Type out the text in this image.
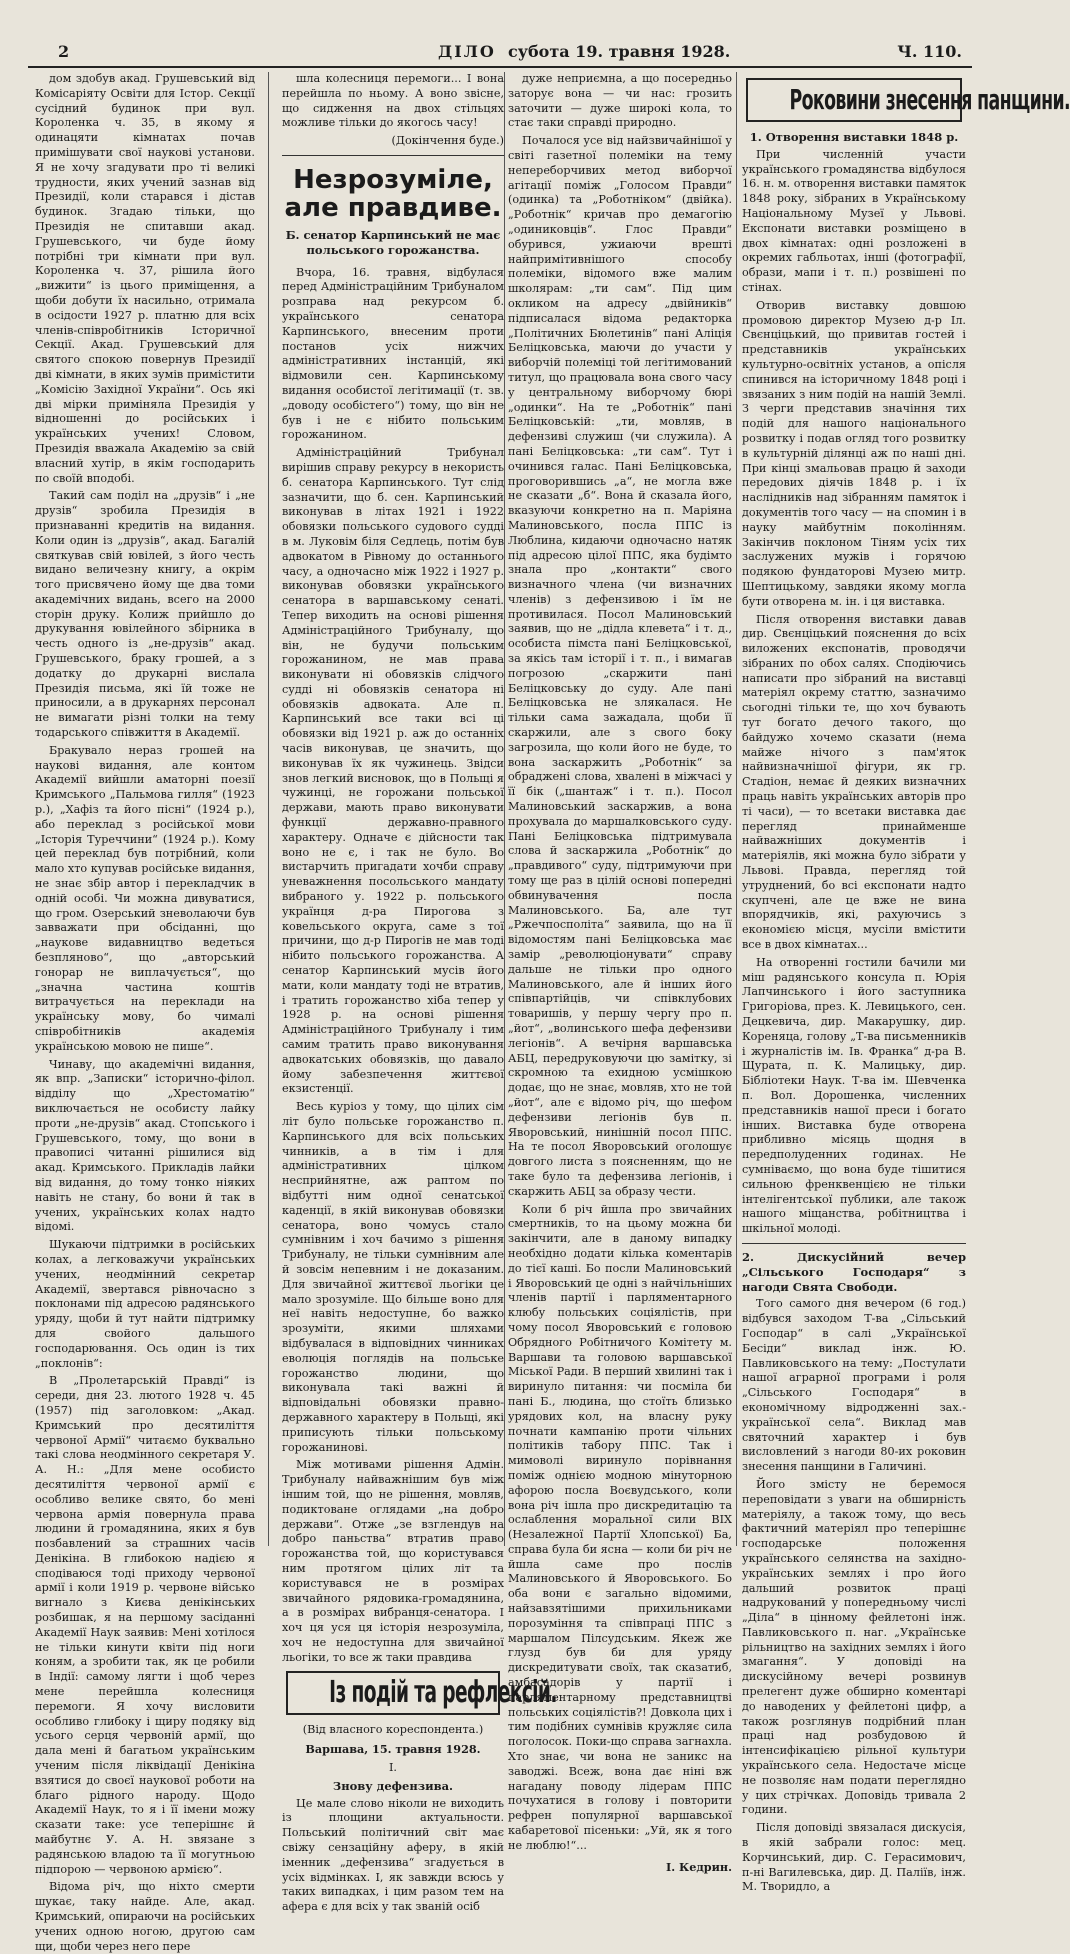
2	ДІЛО субота 19. травня 1928.	Ч. 110.

дом здобув акад. Грушевський від Комісаріяту Освіти для Істор. Секції сусідний будинок при вул. Короленка ч. 35, в якому я одинацяти кімнатах почав примішувати свої наукові установи. Я не хочу згадувати про ті великі трудности, яких учений зазнав від Президії, коли старався і дістав будинок. Згадаю тільки, що Президія не спитавши акад. Грушевського, чи буде йому потрібні три кімнати при вул. Короленка ч. 37, рішила його „вижити“ із цього приміщення, а щоби добути їх насильно, отримала в осідости 1927 р. платню для всіх членів-співробітників Історичної Секції. Акад. Грушевський для святого спокою повернув Президії дві кімнати, в яких зумів примістити „Комісію Західної України“. Ось які дві мірки приміняла Президія у відношенні до російських і українських учених! Словом, Президія вважала Академію за свій власний хутір, в якім господарить по своїй вподобі.

Такий сам поділ на „друзів“ і „не друзів“ зробила Президія в признаванні кредитів на видання. Коли один із „друзів“, акад. Багалій святкував свій ювілей, з його честь видано величезну книгу, а окрім того присвячено йому ще два томи академічних видань, всего на 2000 сторін друку. Колиж прийшло до друкування ювілейного збірника в честь одного із „не-друзів“ акад. Грушевського, браку грошей, а з додатку до друкарні вислала Президія письма, які їй тоже не приносили, а в друкарнях персонал не вимагати різні толки на тему тодарського співжиття в Академії.

Бракувало нераз грошей на наукові видання, але контом Академії вийшли аматорні поезії Кримського „Пальмова гилля“ (1923 р.), „Хафіз та його пісні“ (1924 р.), або переклад з російської мови „Історія Туреччини“ (1924 р.). Кому цей переклад був потрібний, коли мало хто купував російське видання, не знає збір автор і перекладчик в одній особі. Чи можна дивуватися, що гром. Озерський зневолаючи був завважати при обсіданні, що „наукове видавництво ведеться безпляново“, що „авторський гонорар не виплачується“, що „значна частина коштів витрачується на переклади на українську мову, бо чималі співробітників академія українською мовою не пише“.

Чинаву, що академічні видання, як впр. „Записки“ історично-філол. відділу що „Хрестоматію“ виключається не особисту лайку проти „не-друзів“ акад. Стопського і Грушевського, тому, що вони в правописі читанні рішилися від акад. Кримського. Прикладів лайки від видання, до тому тонко ніяких навіть не стану, бо вони й так в учених, українських колах надто відомі.

Шукаючи підтримки в російських колах, а легковажучи українських учених, неодмінний секретар Академії, звертався рівночасно з поклонами під адресою радянського уряду, щоби й тут найти підтримку для свойого дальшого господарювання. Ось один із тих „поклонів“:

В „Пролетарській Правді“ із середи, дня 23. лютого 1928 ч. 45 (1957) під заголовком: „Акад. Кримський про десятиліття червоної Армії“ читаємо буквально такі слова неодмінного секретаря У. А. Н.: „Для мене особисто десятиліття червоної армії є особливо велике свято, бо мені червона армія повернула права людини й громадянина, яких я був позбавлений за страшних часів Денікіна. В глибокою надією я сподіваюся тоді приходу червоної армії і коли 1919 р. червоне військо вигнало з Києва денікінських розбишак, я на першому засіданні Академії Наук заявив: Мені хотілося не тільки кинути квіти під ноги коням, а зробити так, як це робили в Індії: самому лягти і щоб через мене перейшла колесниця перемоги. Я хочу висловити особливо глибоку і щиру подяку від усього серця червоній армії, що дала мені й багатьом українським ученим після ліквідації Денікіна взятися до своєї наукової роботи на благо рідного народу. Щодо Академії Наук, то я і її імени можу сказати таке: усе теперішнє й майбутнє У. А. Н. звязане з радянською владою та її могутньою підпорою — червоною армією“.

Відома річ, що ніхто смерти шукає, таку найде. Але, акад. Кримський, опираючи на російських учених одною ногою, другою сам щи, щоби через него пере

шла колесниця перемоги... І вона перейшла по ньому. А воно звісне, що сидження на двох стільцях можливе тільки до якогось часу!

(Докінчення буде.)

Незрозуміле, але правдиве.
Б. сенатор Карпинський не має польського горожанства.

Вчора, 16. травня, відбулася перед Адміністраційним Трибуналом розправа над рекурсом б. українського сенатора Карпинського, внесеним проти постанов усіх нижчих адміністративних інстанцій, які відмовили сен. Карпинському видання особистої легітимації (т. зв. „доводу особістего“) тому, що він не був і не є нібито польським горожанином.

Адміністраційний Трибунал вирішив справу рекурсу в некористь б. сенатора Карпинського. Тут слід зазначити, що б. сен. Карпинський виконував в літах 1921 і 1922 обовязки польського судового судді в м. Луковім біля Седлець, потім був адвокатом в Рівному до останнього часу, а одночасно між 1922 і 1927 р. виконував обовязки українського сенатора в варшавському сенаті. Тепер виходить на основі рішення Адміністраційного Трибуналу, що він, не будучи польським горожанином, не мав права виконувати ні обовязків слідчого судді ні обовязків сенатора ні обовязків адвоката. Але п. Карпинський все таки всі ці обовязки від 1921 р. аж до останніх часів виконував, це значить, що виконував їх як чужинець. Звідси знов легкий висновок, що в Польщі я чужинці, не горожани польської держави, мають право виконувати функції державно-правного характеру. Одначе є дійсности так воно не є, і так не було. Во вистарчить пригадати хочби справу уневажнення посольського мандату вибраного у. 1922 р. польського українця д-ра Пирогова з ковельського округа, саме з тої причини, що д-р Пирогів не мав тоді нібито польського горожанства. А сенатор Карпинський мусів його мати, коли мандату тоді не втратив, і тратить горожанство хіба тепер у 1928 р. на основі рішення Адміністраційного Трибуналу і тим самим тратить право виконування адвокатських обовязків, що давало йому забезпечення життєвої екзистенції.

Весь куріоз у тому, що цілих сім літ було польське горожанство п. Карпинського для всіх польських чинників, а в тім і для адміністративних цілком несприйнятне, аж раптом по відбутті ним одної сенатської каденції, в якій виконував обовязки сенатора, воно чомусь стало сумнівним і хоч бачимо з рішення Трибуналу, не тільки сумнівним але й зовсім непевним і не доказаним. Для звичайної життєвої льогіки це мало зрозуміле. Що більше воно для неї навіть недоступне, бо важко зрозуміти, якими шляхами відбувалася в відповідних чинниках еволюція поглядів на польське горожанство людини, що виконувала такі важні й відповідальні обовязки правно-державного характеру в Польщі, які приписують тільки польському горожанинові.

Між мотивами рішення Адмін. Трибуналу найважнішим був між іншим той, що не рішення, мовляв, подиктоване оглядами „на добро держави“. Отже „зе взглендув на добро паньства“ втратив право горожанства той, що користувався ним протягом цілих літ та користувався не в розмірах звичайного рядовика-громадянина, а в розмірах вибранця-сенатора. І хоч ця уся ця історія незрозуміла, хоч не недоступна для звичайної льогіки, то все ж таки правдива

Із подій та рефлексій.

(Від власного кореспондента.)

Варшава, 15. травня 1928.

I.

Знову дефензива.

Це мале слово ніколи не виходить із площини актуальности. Польський політичний світ має свіжу сензаційну аферу, в якій іменник „дефензива“ згадується в усіх відмінках. І, як завжди всюсь у таких випадках, і цим разом тем на афера є для всіх у так званій осіб

дуже неприємна, а що посередньо заторує вона — чи нас: грозить заточити — дуже широкі кола, то стає таки справді природно.

Почалося усе від найзвичайнішої у світі газетної полеміки на тему непереборчивих метод виборчої агітації поміж „Голосом Правди“ (одинка) та „Роботніком“ (двійка). „Роботнік“ кричав про демагогію „одиниковців“. Глос Правди“ обурився, ужиаючи врешті найпримітивнішого способу полеміки, відомого вже малим школярам: „ти сам“. Під цим окликом на адресу „двійників“ підписалася відома редакторка „Політичних Бюлетинів“ пані Аліція Беліцковська, маючи до участи у виборчій полеміці той легітимований титул, що працювала вона свого часу у центральному виборчому бюрі „одинки“. На те „Роботнік“ пані Беліцковській: „ти, мовляв, в дефензиві служиш (чи служила). А пані Беліцковська: „ти сам“. Тут і очинився галас. Пані Беліцковська, проговорившись „а“, не могла вже не сказати „б“. Вона й сказала його, вказуючи конкретно на п. Маріяна Малиновського, посла ППС із Люблина, кидаючи одночасно натяк під адресою цілої ППС, яка будімто знала про „контакти“ свого визначного члена (чи визначних членів) з дефензивою і їм не противилася. Посол Малиновський заявив, що не „дідла клевета“ і т. д., особиста пімста пані Беліцковської, за якісь там історії і т. п., і вимагав погрозою „скаржити пані Беліцковську до суду. Але пані Беліцковська не злякалася. Не тільки сама зажадала, щоби її скаржили, але з свого боку загрозила, що коли його не буде, то вона заскаржить „Роботнік“ за обраджені слова, хвалені в міжчасі у її бік („шантаж“ і т. п.). Посол Малиновський заскаржив, а вона прохувала до маршалковського суду. Пані Беліцковська підтримувала слова й заскаржила „Роботнік“ до „правдивого“ суду, підтримуючи при тому ще раз в цілій основі попередні обвинувачення посла Малиновського. Ба, але тут „Ржечпосполіта“ заявила, що на її відомостям пані Беліцковська має замір „революціонувати“ справу дальше не тільки про одного Малиновського, але й інших його співпартійців, чи співклубових товаришів, у першу чергу про п. „йот“, „волинського шефа дефензиви легіонів“. А вечірня варшавська АБЦ, передруковуючи цю замітку, зі скромною та ехидною усмішкою додає, що не знає, мовляв, хто не той „йот“, але є відомо річ, що шефом дефензиви легіонів був п. Яворовський, нинішній посол ППС. На те посол Яворовський оголошує довгого листа з поясненням, що не таке було та дефензива легіонів, і скаржить АБЦ за образу чести.

Коли б річ йшла про звичайних смертників, то на цьому можна би закінчити, але в даному випадку необхідно додати кілька коментарів до тієї каші. Бо посли Малиновський і Яворовський це одні з найчільніших членів партії і парляментарного клюбу польських соціялістів, при чому посол Яворовський є головою Обрядного Робітничого Комітету м. Варшави та головою варшавської Міської Ради. В перший хвилині так і виринуло питання: чи посміла би пані Б., людина, що стоїть близько урядових кол, на власну руку почнати кампанію проти чільних політиків табору ППС. Так і мимоволі виринуло порівнання поміж однією модною мінуторною афорою посла Воєвудського, коли вона річ ішла про дискредитацію та ослаблення моральної сили ВІХ (Незалежної Партії Хлопської) Ба, справа була би ясна — коли би річ не йшла саме про послів Малиновського й Яворовського. Бо оба вони є загально відомими, найзавзятішими прихильниками порозуміння та співпраці ППС з маршалом Пілсудським. Якеж же глузд був би для уряду дискредитувати своїх, так сказатиб, амбасадорів у партії і парляментарному представництві польських соціялістів?! Довкола цих і тим подібних сумнівів кружляє сила поголосок. Поки-що справа загнахла. Хто знає, чи вона не заникс на заводжі. Всеж, вона дає ніні вж нагадану поводу лідерам ППС почухатися в голову і повторити рефрен популярної варшавської кабаретової пісеньки: „Уй, як я того не люблю!“...

І. Кедрин.
Роковини знесення панщини.

1. Отворення виставки 1848 р.

При численній участи українського громадянства відбулося 16. н. м. отворення виставки памяток 1848 року, зібраних в Українському Національному Музеї у Львові. Експонати виставки розміщено в двох кімнатах: одні розложені в окремих габльотах, інші (фотографії, образи, мапи і т. п.) розвішені по стінах.

Отворив виставку довшою промовою директор Музею д-р Іл. Свєнціцький, що привитав гостей і представників українських культурно-освітніх установ, а опісля спинився на історичному 1848 році і звязаних з ним подій на нашій Землі. З черги представив значіння тих подій для нашого національного розвитку і подав огляд того розвитку в культурній ділянці аж по наші дні. При кінці змальовав працю й заходи передових діячів 1848 р. і їх наслідників над зібранням памяток і документів того часу — на спомин і в науку майбутнім поколінням. Закінчив поклоном Тіням усіх тих заслужених мужів і горячою подякою фундаторові Музею митр. Шептицькому, завдяки якому могла бути отворена м. ін. і ця виставка.

Після отворення виставки давав дир. Свєнціцький пояснення до всіх виложених експонатів, проводячи зібраних по обох салях. Сподіючись написати про зібраний на виставці матеріял окрему статтю, зазначимо сьогодні тільки те, що хоч бувають тут богато дечого такого, що байдужо хочемо сказати (нема майже нічого з пам'яток найвизначнішої фігури, як гр. Стадіон, немає й деяких визначних праць навіть українських авторів про ті часи), — то всетаки виставка дає перегляд принайменше найважніших документів і матеріялів, які можна було зібрати у Львові. Правда, перегляд той утруднений, бо всі експонати надто скупчені, але це вже не вина впорядчиків, які, рахуючись з економією місця, мусіли вмістити все в двох кімнатах...

На отворенні гостили бачили ми міш радянського консула п. Юрія Лапчинського і його заступника Григоріова, през. К. Левицького, сен. Децкевича, дир. Макарушку, дир. Кореняца, голову „Т-ва письменників і журналістів ім. Ів. Франка“ д-ра В. Щурата, п. К. Малицьку, дир. Бібліотеки Наук. Т-ва ім. Шевченка п. Вол. Дорошенка, численних представників нашої преси і богато інших. Виставка буде отворена прибливно місяць щодня в передполуденних годинах. Не сумніваємо, що вона буде тішитися сильною френквенцією не тільки інтелігентської публики, але також нашого міщанства, робітництва і шкільної молоді.

2. Дискусійний вечер „Сільського Господаря“ з нагоди Свята Свободи.

Того самого дня вечером (6 год.) відбувся заходом Т-ва „Сільський Господар“ в салі „Української Бесіди“ виклад інж. Ю. Павликовського на тему: „Постулати нашої аграрної програми і роля „Сільського Господаря“ в економічному відродженні зах.-української села“. Виклад мав святочний характер і був висловлений з нагоди 80-их роковин знесення панщини в Галичині.

Його змісту не беремося переповідати з уваги на обширність матеріялу, а також тому, що весь фактичний матеріял про теперішнє господарське положення українського селянства на західно-українських землях і про його дальший розвиток праці надрукований у попередньому числі „Діла“ в цінному фейлетоні інж. Павликовського п. наг. „Українське рільництво на західних землях і його змагання“. У доповіді на дискусійному вечері розвинув прелегент дуже обширно коментарі до наводених у фейлетоні цифр, а також розглянув подрібний план праці над розбудовою й інтенсифікацією рільної культури українського села. Недостаче місце не позволяє нам подати переглядно у цих стрічках. Доповідь тривала 2 години.

Після доповіді звязалася дискусія, в якій забрали голос: мец. Корчинський, дир. С. Герасимович, п-ні Вагилевська, дир. Д. Паліїв, інж. М. Творидло, а
